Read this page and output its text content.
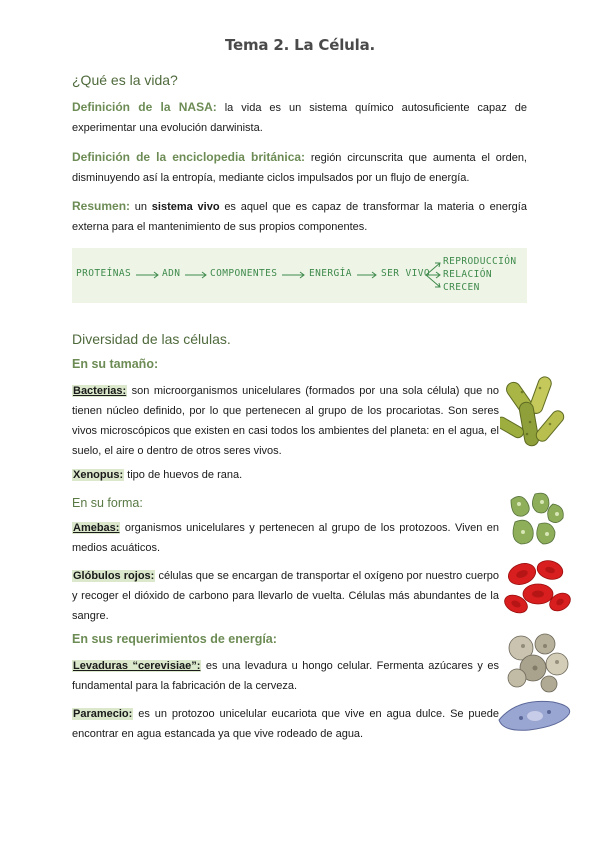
Tema 2. La Célula.
¿Qué es la vida?
Definición de la NASA: la vida es un sistema químico autosuficiente capaz de experimentar una evolución darwinista.
Definición de la enciclopedia británica: región circunscrita que aumenta el orden, disminuyendo así la entropía, mediante ciclos impulsados por un flujo de energía.
Resumen: un sistema vivo es aquel que es capaz de transformar la materia o energía externa para el mantenimiento de sus propios componentes.
PROTEÍNAS	ADN	COMPONENTES	ENERGÍA	SER VIVO
REPRODUCCIÓN
RELACIÓN
CRECEN
Diversidad de las células.
En su tamaño:
Bacterias: son microorganismos unicelulares (formados por una sola célula) que no tienen núcleo definido, por lo que pertenecen al grupo de los procariotas. Son seres vivos microscópicos que existen en casi todos los ambientes del planeta: en el agua, el suelo, el aire o dentro de otros seres vivos.
Xenopus: tipo de huevos de rana.
En su forma:
Amebas: organismos unicelulares y pertenecen al grupo de los protozoos. Viven en medios acuáticos.
Glóbulos rojos: células que se encargan de transportar el oxígeno por nuestro cuerpo y recoger el dióxido de carbono para llevarlo de vuelta. Células más abundantes de la sangre.
En sus requerimientos de energía:
Levaduras “cerevisiae”: es una levadura u hongo celular. Fermenta azúcares y es fundamental para la fabricación de la cerveza.
Paramecio: es un protozoo unicelular eucariota que vive en agua dulce. Se puede encontrar en agua estancada ya que vive rodeado de agua.
